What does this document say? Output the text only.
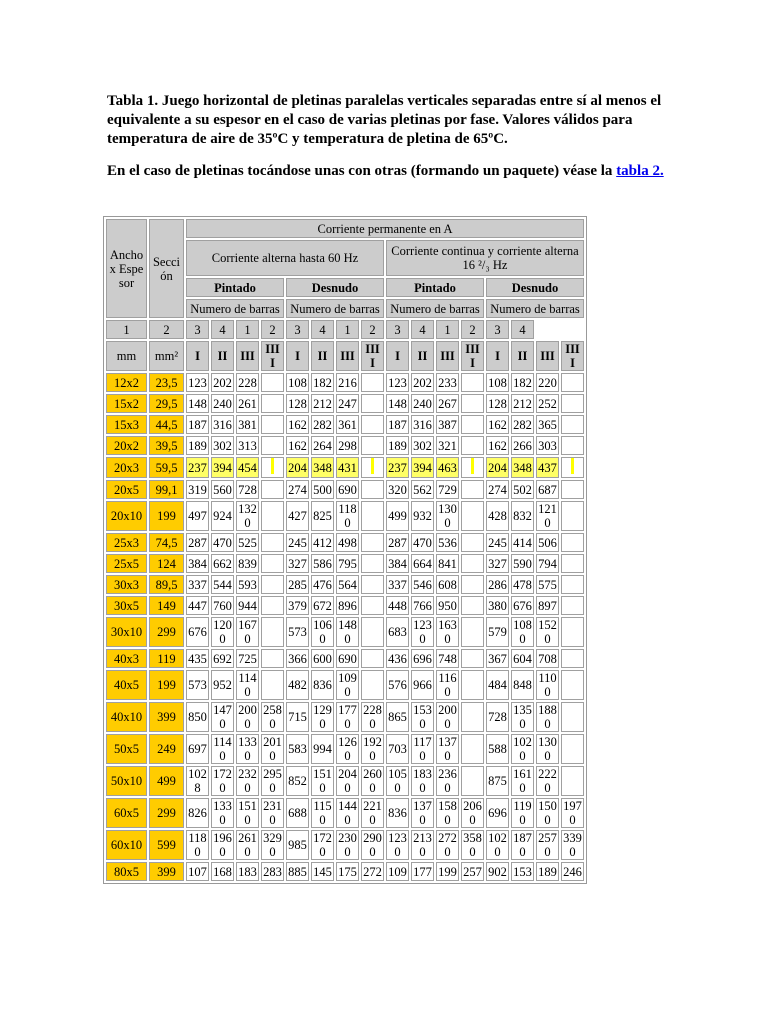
Tabla 1. Juego horizontal de pletinas paralelas verticales separadas entre sí al menos el equivalente a su espesor en el caso de varias pletinas por fase. Valores válidos para temperatura de aire de 35ºC y temperatura de pletina de 65ºC.
En el caso de pletinas tocándose unas con otras (formando un paquete) véase la tabla 2.
Ancho x Espesor	Sección	Corriente permanente en A															
		Corriente alterna hasta 60 Hz								Corriente continua y corriente alterna 16 ²/₃ Hz							
		Pintado				Desnudo				Pintado				Desnudo			
		Numero de barras				Numero de barras				Numero de barras				Numero de barras			
1	2	3	4	1	2	3	4	1	2	3	4	1	2	3	4		
mm	mm²	I	II	III	IIII	I	II	III	IIII	I	II	III	IIII	I	II	III	IIII
12x2	23,5	123	202	228		108	182	216		123	202	233		108	182	220	
15x2	29,5	148	240	261		128	212	247		148	240	267		128	212	252	
15x3	44,5	187	316	381		162	282	361		187	316	387		162	282	365	
20x2	39,5	189	302	313		162	264	298		189	302	321		162	266	303	
20x3	59,5	237	394	454		204	348	431		237	394	463		204	348	437	
20x5	99,1	319	560	728		274	500	690		320	562	729		274	502	687	
20x10	199	497	924	1320		427	825	1180		499	932	1300		428	832	1210	
25x3	74,5	287	470	525		245	412	498		287	470	536		245	414	506	
25x5	124	384	662	839		327	586	795		384	664	841		327	590	794	
30x3	89,5	337	544	593		285	476	564		337	546	608		286	478	575	
30x5	149	447	760	944		379	672	896		448	766	950		380	676	897	
30x10	299	676	1200	1670		573	1060	1480		683	1230	1630		579	1080	1520	
40x3	119	435	692	725		366	600	690		436	696	748		367	604	708	
40x5	199	573	952	1140		482	836	1090		576	966	1160		484	848	1100	
40x10	399	850	1470	2000	2580	715	1290	1770	2280	865	1530	2000		728	1350	1880	
50x5	249	697	1140	1330	2010	583	994	1260	1920	703	1170	1370		588	1020	1300	
50x10	499	1028	1720	2320	2950	852	1510	2040	2600	1050	1830	2360		875	1610	2220	
60x5	299	826	1330	1510	2310	688	1150	1440	2210	836	1370	1580	2060	696	1190	1500	1970
60x10	599	1180	1960	2610	3290	985	1720	2300	2900	1230	2130	2720	3580	1020	1870	2570	3390
80x5	399	107	168	183	283	885	145	175	272	109	177	199	257	902	153	189	246
